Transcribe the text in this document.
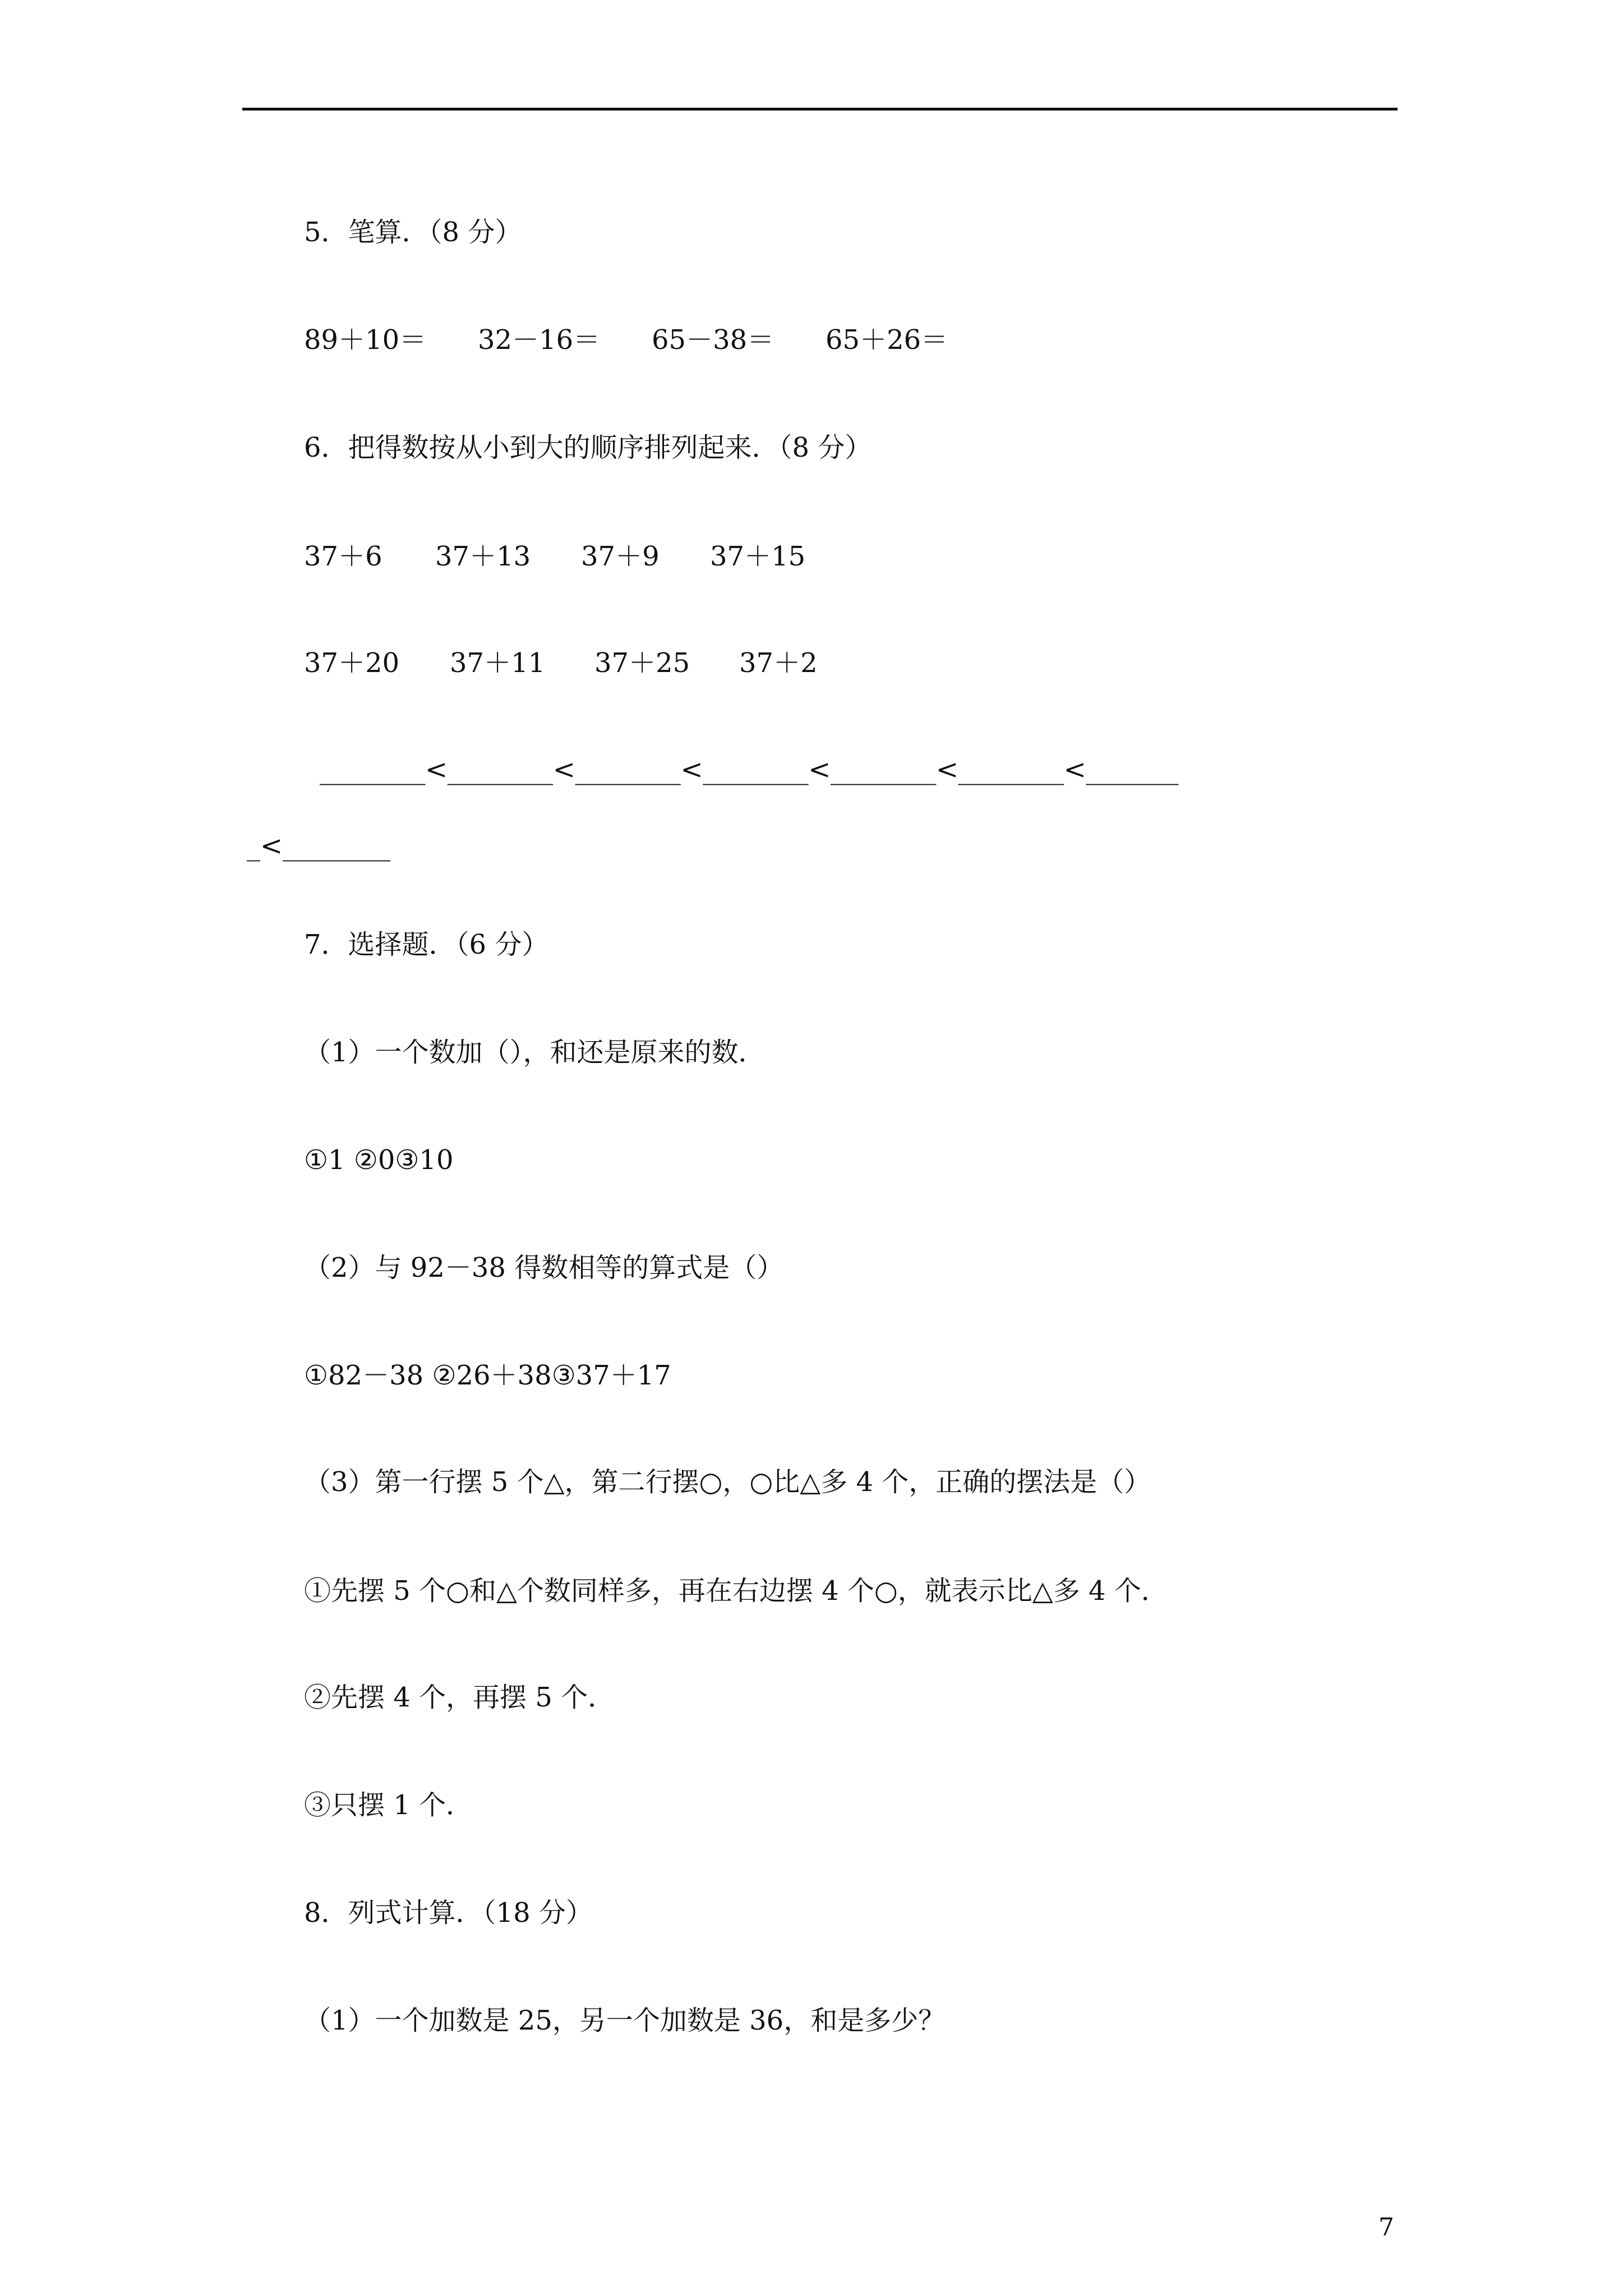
5．笔算．（8 分）
89＋10＝ 32－16＝ 65－38＝ 65＋26＝
6．把得数按从小到大的顺序排列起来．（8 分）
37＋6 37＋13 37＋9 37＋15
37＋20 37＋11 37＋25 37＋2
________<________<________<________<________<________<_______
_<________
7．选择题．（6 分）
（1）一个数加（），和还是原来的数．
①1 ②0③10
（2）与 92－38 得数相等的算式是（）
①82－38 ②26＋38③37＋17
（3）第一行摆 5 个△，第二行摆○，○比△多 4 个，正确的摆法是（）
①先摆 5 个○和△个数同样多，再在右边摆 4 个○，就表示比△多 4 个．
②先摆 4 个，再摆 5 个．
③只摆 1 个．
8．列式计算．（18 分）
（1）一个加数是 25，另一个加数是 36，和是多少？
7
